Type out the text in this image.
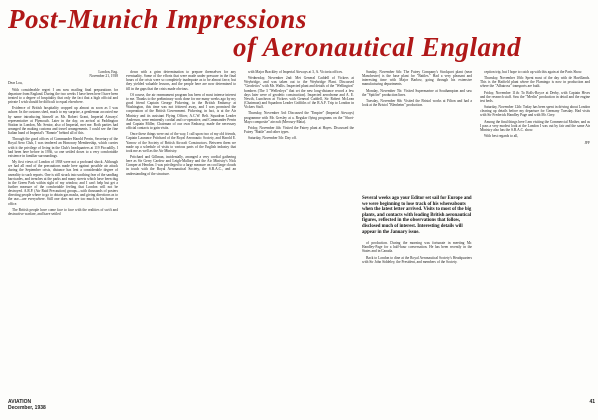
Post-Munich Impressions
of Aeronautical England
London, Eng.
November 21, 1938

Dear Lou,

With considerable regret I am now mailing final preparations for departure from England. During the two weeks I have been here I have been treated to a degree of hospitality that only the fact that a high official and private I wish should be difficult to equal elsewhere.

Evidence of British hospitality cropped up almost as soon as I was ashore. In the customs shed, much to my surprise, a gentleman accosted me by name introducing himself as Mr. Robert Grant, Imperial Airways' representative at Plymouth. Later in the day, on arrival at Paddington Station in London, Mr. Senior, also of Imperial, met me. Both parties had arranged the making customs and travel arrangements. I could see the fine Italian hand of Imperial's "Ronnie" behind all of this.

Through the good offices of Commander Harold Perrin, Secretary of the Royal Aero Club, I was tendered an Honorary Membership, which carries with it the privilege of living in the Club's headquarters at 119 Piccadilly. I had been here before in 1936, so one settled down to a very comfortable existence in familiar surroundings.

My first views of London of 1938 were not a profound shock. Although we had all read of the precautions made here against possible air attack during the September crisis, distance has lent a considerable degree of unreality to such reports. One is still struck into soothing fear of the sandbag barricades, and trenches at the parks and many streets which have been dug in the Green Park within sight of my window, and I can't help but get a further measure of the comfortable feeling that London will not be destroyed. A.R.P. (Air Raid Precaution) groups—with thousands of posters directing people where to go to obtain gas masks, and giving directions as to the use—are everywhere. Still one does not see too much in his home or office.

The British people have come face to face with the realities of swift and destructive warfare, and have settled

down with a grim determination to prepare themselves for any eventuality. Some of the efforts that were made under pressure in the final hours of the crisis were so completely inadequate as to be almost farce, but they yielded valuable lessons, and the people here are now determined to fill in the gaps that the crisis made obvious.

Of course, the air rearmament program has been of most intense interest to me. Thanks to the preliminary work done for me many weeks ago by my good friend Captain George Pickering, in the British Embassy at Washington, this time was not frittered away, and I was promised the cooperation of the British Government. Pickering, in fact, is at the Air Ministry and its assistant Flying Officer, A.C.W. Belt. Squadron Leader Anderson, were eminently cordial and co-operative, and Commander Perrin and Captain Miller, Chairman of our own Embassy, made the necessary official contacts to gain visits.

Once these things were out of the way, I call upon two of my old friends, Captain Laurance Pritchard of the Royal Aeronautic Society, and Harold E. Yarrow of the Society of British Aircraft Constructors. Between them we made up a schedule of visits to various parts of the English industry that took me as well as the Air Ministry.

Pritchard and Gillman, incidentally, arranged a very cordial gathering here as Sir Gerry Cardew and Leigh-Mallory and the Air Ministry's Nick Comper at Hendon. I was privileged to a large measure on cool large clouds in touch with the Royal Aeronautical Society, the S.B.A.C., and an understanding of the structure.

with Major Brackley of Imperial Airways at 3, A. Victoria offices.

Wednesday, November 2nd: Met General Caddell of Vickers at Weybridge, and was taken out to the Weybridge Plant. Discussed "Geodetics" with Mr. Wallis. Inspected plant and details of the "Wellington" bombers (The 3 "Wellesleys" that set the new long-distance record a few days later were of geodetic construction). Inspected aerodrome and A. E. Newth, Luncheon at Vickers with General Caddell, Sir Robert McLean (Chairman) and Squadron Leader Griffiths of the R.A.F. Trip to London in Vickers Staff.

Thursday, November 3rd: Discussed the "Empire" (Imperial Airways) programme with Mr. Gresley at a. Regular flying programs on the "Short-Mayo composite" aircraft (Mercury-Maia).

Friday, November 4th: Visited the Fairey plant at Hayes. Discussed the Fairey "Battle" and other types.

Saturday, November 5th: Day off.

Sunday, November 6th: The Fairey Company's Stockport plant (near Manchester) is the base plant for "Battles." Had a very pleasant and interesting time with Major Barlow, going through his extensive manufacturing departments.

Monday, November 7th: Visited Supermarine at Southampton and saw the "Spitfire" production lines.

Tuesday, November 8th: Visited the Bristol works at Filton and had a look at the Bristol "Blenheim" production.

Several weeks ago your Editor set sail for Europe and we were beginning to lose track of his whereabouts when the latest letter arrived. Visits to most of the big plants, and contacts with leading British aeronautical figures, reflected in the observations that follow, disclosed much of interest. Interesting details will appear in the January issue.

of production. During the morning was fortunate in meeting Mr. Handley-Page for a half-hour conversation. He has been recently in the States and in Canada.

Back to London to dine at the Royal Aeronautical Society's Headquarters with Sir John Siddeley, the President, and members of the Society.

ception trip, but I hope to catch up with this again at the Paris Show.

Thursday, November 10th: Spent most of the day with de Havillands. This is the Hatfield plant where the Flamingo is now in production and where the "Albatross" transports are built.

Friday, November 11th: To Rolls-Royce at Derby, with Captain Hives and the research staff. Saw the "Merlin" production in detail and the engine test beds.

Saturday, November 12th: Today has been spent in driving about London clearing up details before my departure for Germany Tuesday. Had visits with Sir Frederick Handley Page and with Mr. Grey.

Among the final things here I am visiting the Commercial Mother, and as I pass a very modest look at the London I was out by fair and the same Air Ministry also has the S.B.A.C. show.

With best regards to all,

JFF
AVIATION
December, 1938
41
